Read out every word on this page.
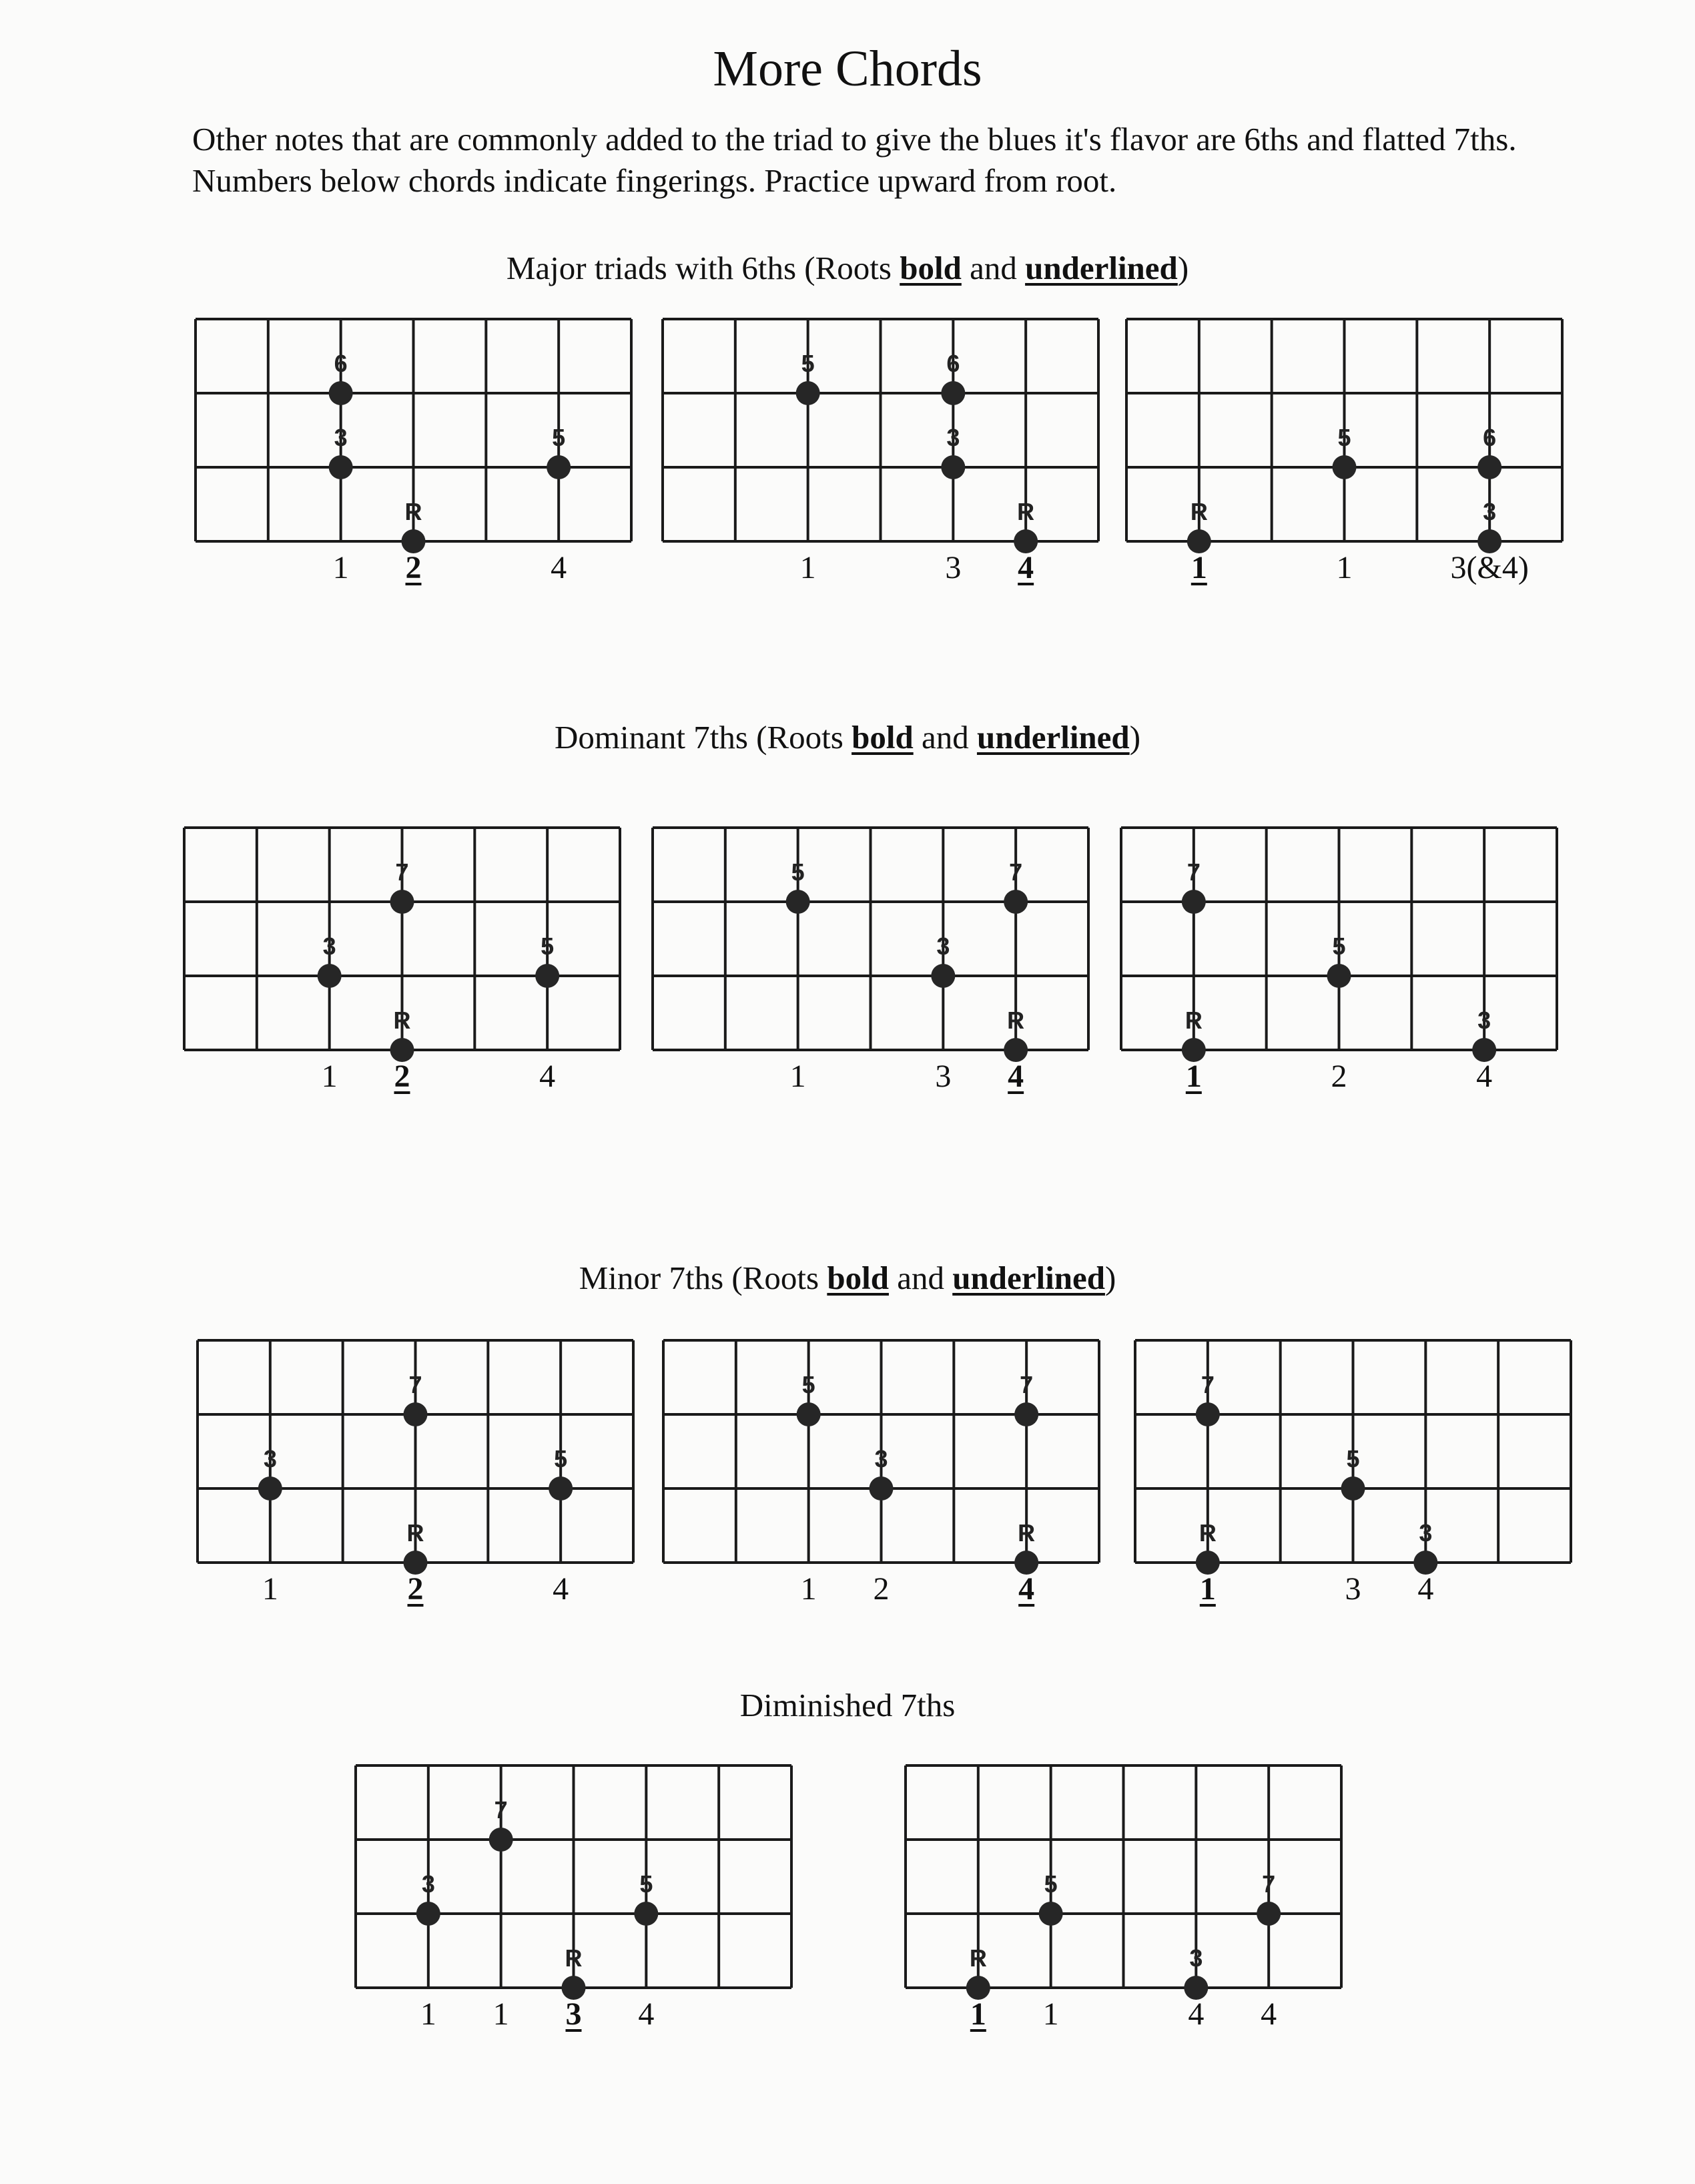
More Chords
Other notes that are commonly added to the triad to give the blues it's flavor are 6ths and flatted 7ths.
Numbers below chords indicate fingerings. Practice upward from root.
Major triads with 6ths (Roots bold and underlined)
6
3	5
R
1 2	4
5	6
3
R
1	3 4
R
5	6
3
1	1	3(&4)
Dominant 7ths (Roots bold and underlined)
7
3	5
R
1 2	4
5	7
3
R
1	3 4
7
5
R	3
1	2	4
Minor 7ths (Roots bold and underlined)
7
3	5
R
1	2	4
5	7
3
R
1 2	4
7
5
R	3
1	3 4
Diminished 7ths
7
3	5
R
1 1 3 4
R
5
3
7
1 1	4 4
